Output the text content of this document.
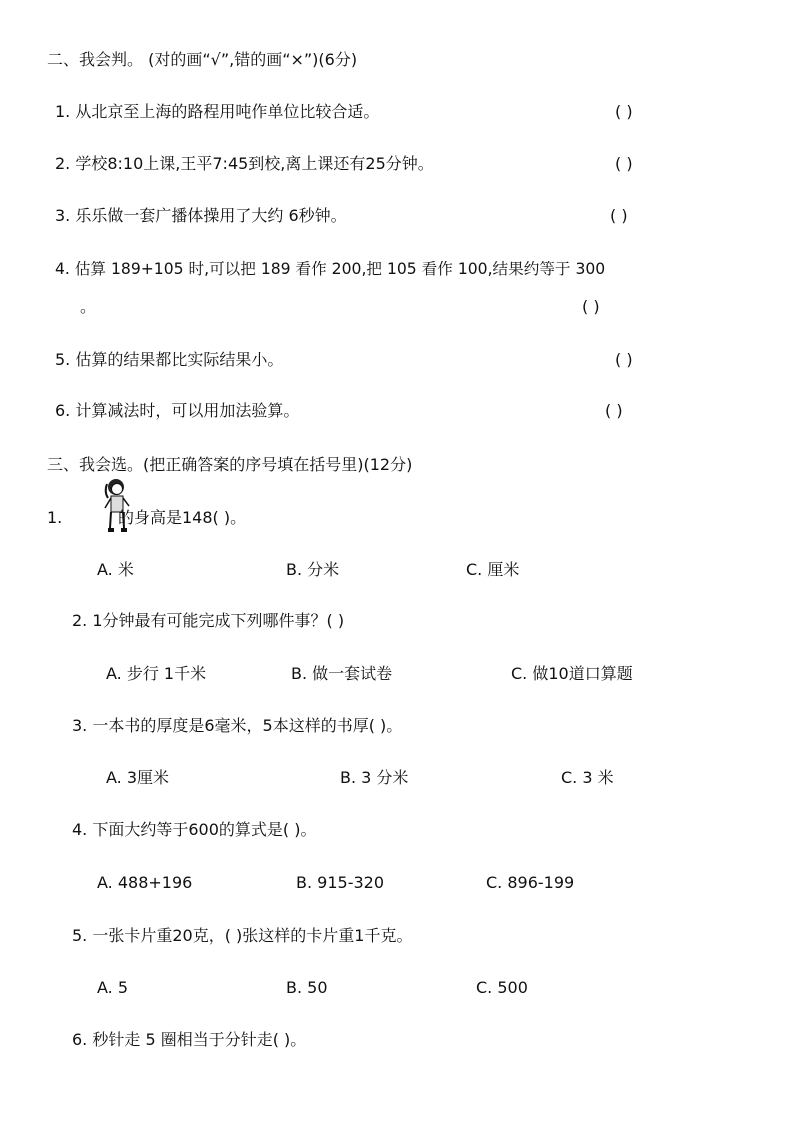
二、我会判。 (对的画“√”,错的画“×”)(6分)
1. 从北京至上海的路程用吨作单位比较合适。	( )
2. 学校8:10上课,王平7:45到校,离上课还有25分钟。	( )
3. 乐乐做一套广播体操用了大约 6秒钟。	( )
4. 估算 189+105 时,可以把 189 看作 200,把 105 看作 100,结果约等于 300
。	( )
5. 估算的结果都比实际结果小。	( )
6. 计算减法时，可以用加法验算。	( )
三、我会选。(把正确答案的序号填在括号里)(12分)
1.	的身高是148( )。
A. 米	B. 分米	C. 厘米
2. 1分钟最有可能完成下列哪件事？( )
A. 步行 1千米	B. 做一套试卷	C. 做10道口算题
3. 一本书的厚度是6毫米，5本这样的书厚( )。
A. 3厘米	B. 3 分米	C. 3 米
4. 下面大约等于600的算式是( )。
A. 488+196	B. 915-320	C. 896-199
5. 一张卡片重20克，( )张这样的卡片重1千克。
A. 5	B. 50	C. 500
6. 秒针走 5 圈相当于分针走( )。
